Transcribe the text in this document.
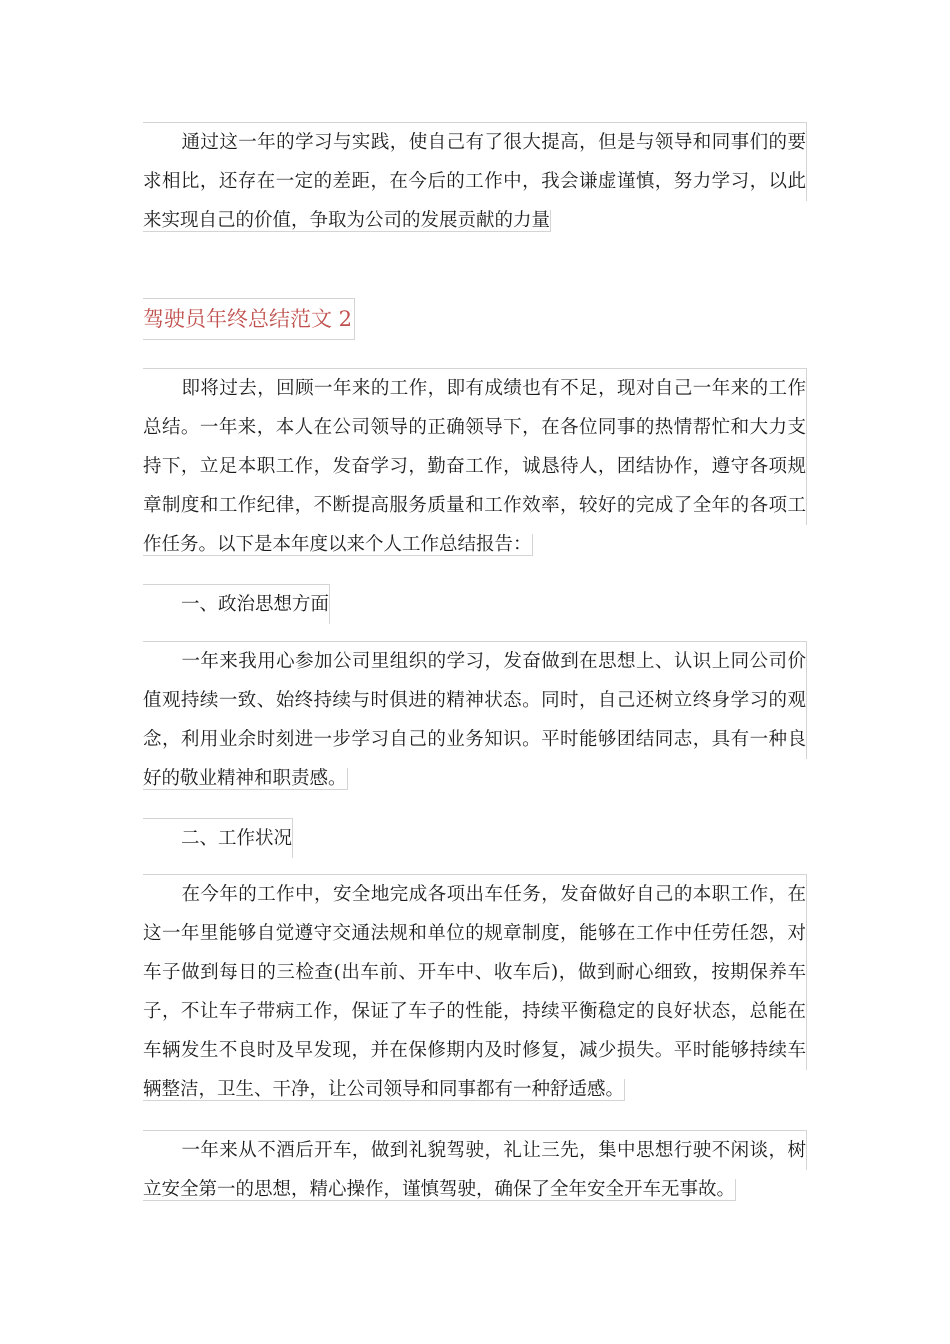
通过这一年的学习与实践，使自己有了很大提高，但是与领导和同事们的要
求相比，还存在一定的差距，在今后的工作中，我会谦虚谨慎，努力学习，以此
来实现自己的价值，争取为公司的发展贡献的力量
驾驶员年终总结范文 2
即将过去，回顾一年来的工作，即有成绩也有不足，现对自己一年来的工作
总结。一年来，本人在公司领导的正确领导下，在各位同事的热情帮忙和大力支
持下，立足本职工作，发奋学习，勤奋工作，诚恳待人，团结协作，遵守各项规
章制度和工作纪律，不断提高服务质量和工作效率，较好的完成了全年的各项工
作任务。以下是本年度以来个人工作总结报告：
一、政治思想方面
一年来我用心参加公司里组织的学习，发奋做到在思想上、认识上同公司价
值观持续一致、始终持续与时俱进的精神状态。同时，自己还树立终身学习的观
念，利用业余时刻进一步学习自己的业务知识。平时能够团结同志，具有一种良
好的敬业精神和职责感。
二、工作状况
在今年的工作中，安全地完成各项出车任务，发奋做好自己的本职工作，在
这一年里能够自觉遵守交通法规和单位的规章制度，能够在工作中任劳任怨，对
车子做到每日的三检查(出车前、开车中、收车后)，做到耐心细致，按期保养车
子，不让车子带病工作，保证了车子的性能，持续平衡稳定的良好状态，总能在
车辆发生不良时及早发现，并在保修期内及时修复，减少损失。平时能够持续车
辆整洁，卫生、干净，让公司领导和同事都有一种舒适感。
一年来从不酒后开车，做到礼貌驾驶，礼让三先，集中思想行驶不闲谈，树
立安全第一的思想，精心操作，谨慎驾驶，确保了全年安全开车无事故。
